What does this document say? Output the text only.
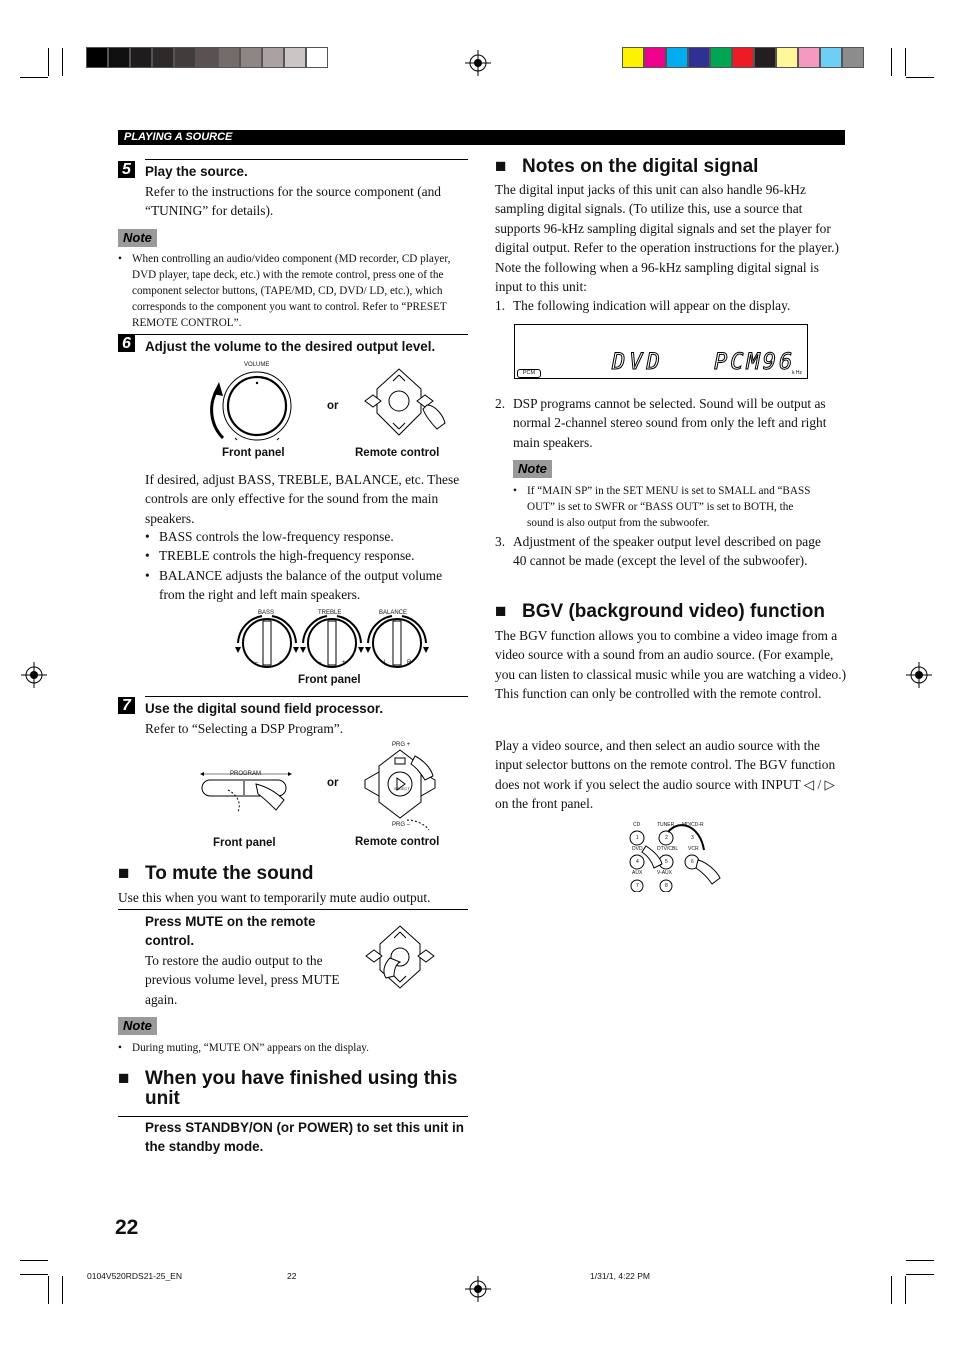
PLAYING A SOURCE
5	Play the source.

Refer to the instructions for the source component (and “TUNING” for details).

Note
• When controlling an audio/video component (MD recorder, CD player, DVD player, tape deck, etc.) with the remote control, press one of the component selector buttons, (TAPE/MD, CD, DVD/ LD, etc.), which corresponds to the component you want to control. Refer to “PRESET REMOTE CONTROL”.
6	Adjust the volume to the desired output level.
VOLUME
or
Front panel	Remote control

If desired, adjust BASS, TREBLE, BALANCE, etc. These controls are only effective for the sound from the main speakers.

• BASS controls the low-frequency response.
• TREBLE controls the high-frequency response.
• BALANCE adjusts the balance of the output volume from the right and left main speakers.
BASS	TREBLE	BALANCE
–	+	–	+	L	R
Front panel
7	Use the digital sound field processor.

Refer to “Selecting a DSP Program”.

PROGRAM
or
PRG +
PRG –
SELECT
Front panel	Remote control
■ To mute the sound

Use this when you want to temporarily mute audio output.

Press MUTE on the remote control.

To restore the audio output to the previous volume level, press MUTE again.

Note
• During muting, “MUTE ON” appears on the display.
■ When you have finished using this unit
Press STANDBY/ON (or POWER) to set this unit in the standby mode.
22
■ Notes on the digital signal

The digital input jacks of this unit can also handle 96-kHz sampling digital signals. (To utilize this, use a source that supports 96-kHz sampling digital signals and set the player for digital output. Refer to the operation instructions for the player.) Note the following when a 96-kHz sampling digital signal is input to this unit:

1. The following indication will appear on the display.
PCM	DVD PCM96
k Hz
2. DSP programs cannot be selected. Sound will be output as normal 2-channel stereo sound from only the left and right main speakers.
Note
• If “MAIN SP” in the SET MENU is set to SMALL and “BASS OUT” is set to SWFR or “BASS OUT” is set to BOTH, the sound is also output from the subwoofer.
3. Adjustment of the speaker output level described on page 40 cannot be made (except the level of the subwoofer).
■ BGV (background video) function

The BGV function allows you to combine a video image from a video source with a sound from an audio source. (For example, you can listen to classical music while you are watching a video.) This function can only be controlled with the remote control.

Play a video source, and then select an audio source with the input selector buttons on the remote control. The BGV function does not work if you select the audio source with INPUT ◁ / ▷ on the front panel.

CD	TUNER MD/CD-R
DVD	DTV/CBL VCR
AUX	V-AUX
1	2	3
4	5	6
7	8
0104V520RDS21-25_EN	22	1/31/1, 4:22 PM
